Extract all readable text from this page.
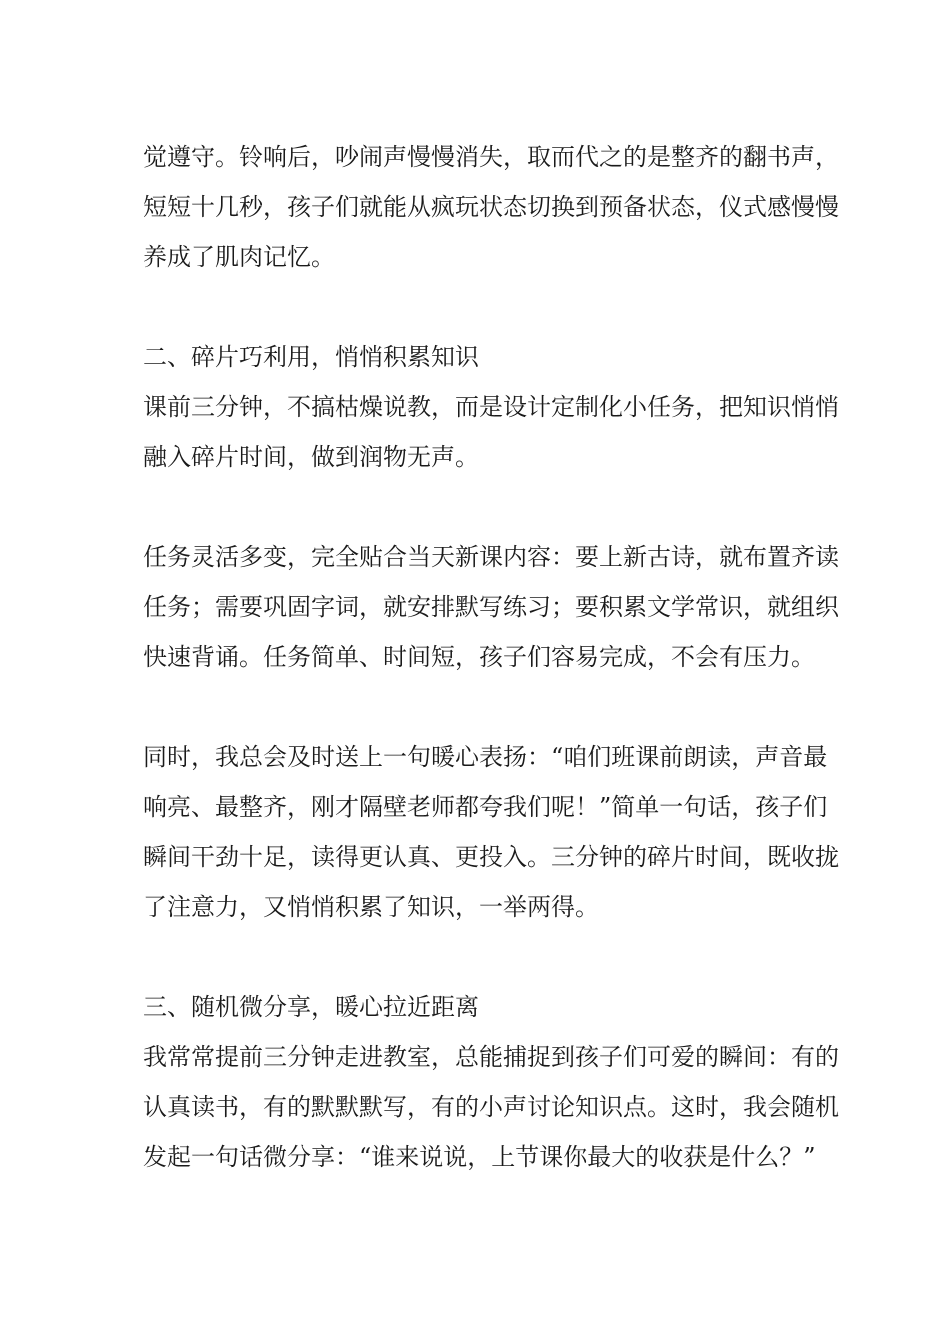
觉遵守。铃响后，吵闹声慢慢消失，取而代之的是整齐的翻书声，
短短十几秒，孩子们就能从疯玩状态切换到预备状态，仪式感慢慢
养成了肌肉记忆。
二、碎片巧利用，悄悄积累知识
课前三分钟，不搞枯燥说教，而是设计定制化小任务，把知识悄悄
融入碎片时间，做到润物无声。
任务灵活多变，完全贴合当天新课内容：要上新古诗，就布置齐读
任务；需要巩固字词，就安排默写练习；要积累文学常识，就组织
快速背诵。任务简单、时间短，孩子们容易完成，不会有压力。
同时，我总会及时送上一句暖心表扬：“咱们班课前朗读，声音最
响亮、最整齐，刚才隔壁老师都夸我们呢！”简单一句话，孩子们
瞬间干劲十足，读得更认真、更投入。三分钟的碎片时间，既收拢
了注意力，又悄悄积累了知识，一举两得。
三、随机微分享，暖心拉近距离
我常常提前三分钟走进教室，总能捕捉到孩子们可爱的瞬间：有的
认真读书，有的默默默写，有的小声讨论知识点。这时，我会随机
发起一句话微分享：“谁来说说，上节课你最大的收获是什么？”
